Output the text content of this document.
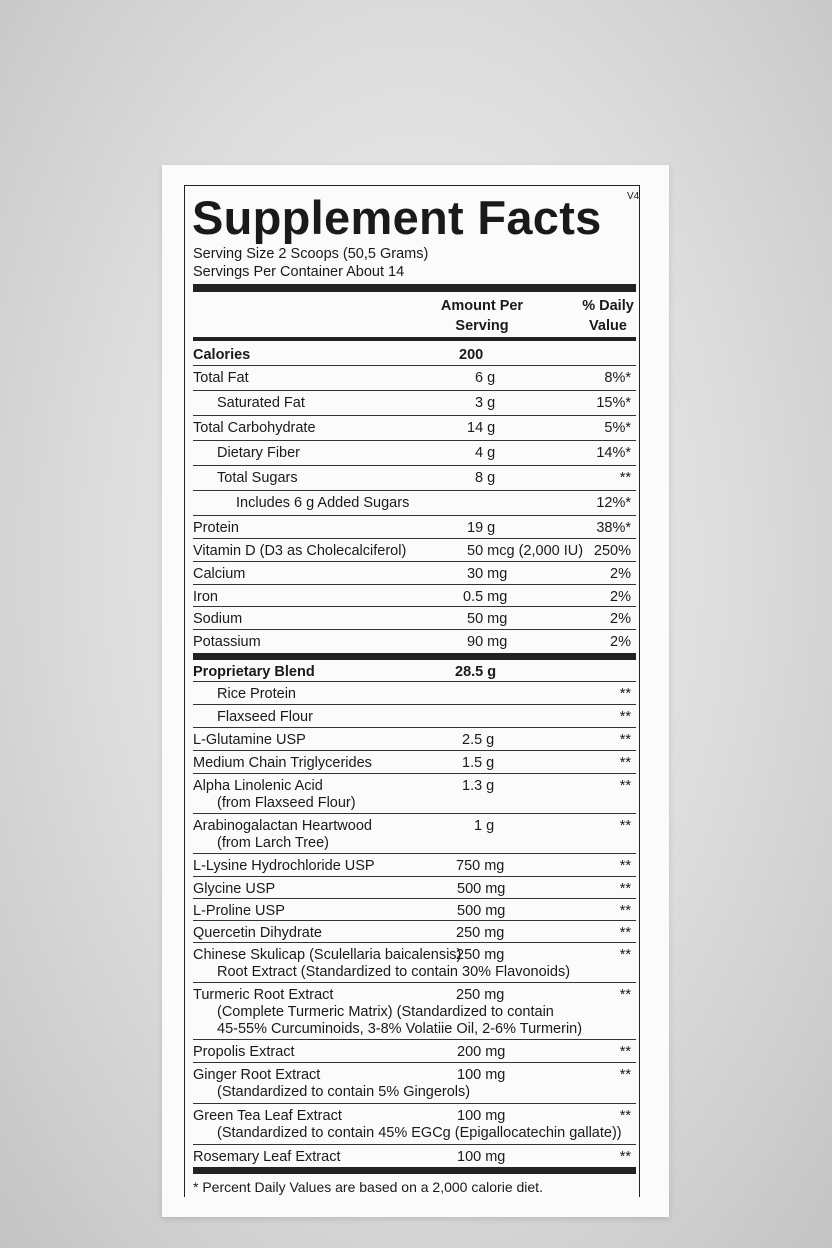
Supplement Facts	V4
Serving Size 2 Scoops (50,5 Grams)
Servings Per Container About 14
Amount Per Serving
% Daily Value
Calories	200
Total Fat	6 g	8%*
Saturated Fat	3 g	15%*
Total Carbohydrate	14 g	5%*
Dietary Fiber	4 g	14%*
Total Sugars	8 g	**
Includes 6 g Added Sugars	12%*
Protein	19 g	38%*
Vitamin D (D3 as Cholecalciferol)	50 mcg (2,000 IU) 250%
Calcium	30 mg	2%
Iron	0.5 mg	2%
Sodium	50 mg	2%
Potassium	90 mg	2%
Proprietary Blend	28.5 g
Rice Protein	**
Flaxseed Flour	**
L-Glutamine USP	2.5 g	**
Medium Chain Triglycerides	1.5 g	**
Alpha Linolenic Acid
(from Flaxseed Flour)
1.3 g	**
Arabinogalactan Heartwood
(from Larch Tree)
1 g	**
L-Lysine Hydrochloride USP	750 mg	**
Glycine USP	500 mg	**
L-Proline USP	500 mg	**
Quercetin Dihydrate	250 mg	**
Chinese Skulicap (Sculellaria baicalensis)
Root Extract (Standardized to contain 30% Flavonoids)
250 mg	**
Turmeric Root Extract
(Complete Turmeric Matrix) (Standardized to contain
45-55% Curcuminoids, 3-8% Volatiie Oil, 2-6% Turmerin)
250 mg	**
Propolis Extract	200 mg	**
Ginger Root Extract
(Standardized to contain 5% Gingerols)
100 mg	**
Green Tea Leaf Extract
(Standardized to contain 45% EGCg (Epigallocatechin gallate))
100 mg	**
Rosemary Leaf Extract	100 mg	**
* Percent Daily Values are based on a 2,000 calorie diet.
